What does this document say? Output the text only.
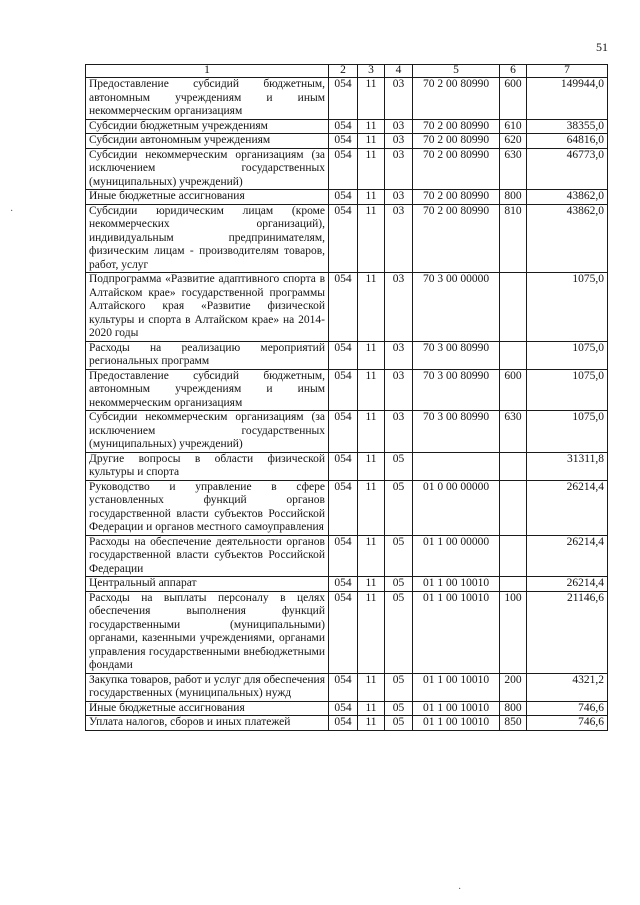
51
1	2	3	4	5	6	7
Предоставление субсидий бюджетным, автономным учреждениям и иным некоммерческим организациям	054	11	03	70 2 00 80990	600	149944,0
Субсидии бюджетным учреждениям	054	11	03	70 2 00 80990	610	38355,0
Субсидии автономным учреждениям	054	11	03	70 2 00 80990	620	64816,0
Субсидии некоммерческим организациям (за исключением государственных (муниципальных) учреждений)	054	11	03	70 2 00 80990	630	46773,0
Иные бюджетные ассигнования	054	11	03	70 2 00 80990	800	43862,0
Субсидии юридическим лицам (кроме некоммерческих организаций), индивидуальным предпринимателям, физическим лицам - производителям товаров, работ, услуг	054	11	03	70 2 00 80990	810	43862,0
Подпрограмма «Развитие адаптивного спорта в Алтайском крае» государственной программы Алтайского края «Развитие физической культуры и спорта в Алтайском крае» на 2014-2020 годы	054	11	03	70 3 00 00000		1075,0
Расходы на реализацию мероприятий региональных программ	054	11	03	70 3 00 80990		1075,0
Предоставление субсидий бюджетным, автономным учреждениям и иным некоммерческим организациям	054	11	03	70 3 00 80990	600	1075,0
Субсидии некоммерческим организациям (за исключением государственных (муниципальных) учреждений)	054	11	03	70 3 00 80990	630	1075,0
Другие вопросы в области физической культуры и спорта	054	11	05			31311,8
Руководство и управление в сфере установленных функций органов государственной власти субъектов Российской Федерации и органов местного самоуправления	054	11	05	01 0 00 00000		26214,4
Расходы на обеспечение деятельности органов государственной власти субъектов Российской Федерации	054	11	05	01 1 00 00000		26214,4
Центральный аппарат	054	11	05	01 1 00 10010		26214,4
Расходы на выплаты персоналу в целях обеспечения выполнения функций государственными (муниципальными) органами, казенными учреждениями, органами управления государственными внебюджетными фондами	054	11	05	01 1 00 10010	100	21146,6
Закупка товаров, работ и услуг для обеспечения государственных (муниципальных) нужд	054	11	05	01 1 00 10010	200	4321,2
Иные бюджетные ассигнования	054	11	05	01 1 00 10010	800	746,6
Уплата налогов, сборов и иных платежей	054	11	05	01 1 00 10010	850	746,6
·
·
